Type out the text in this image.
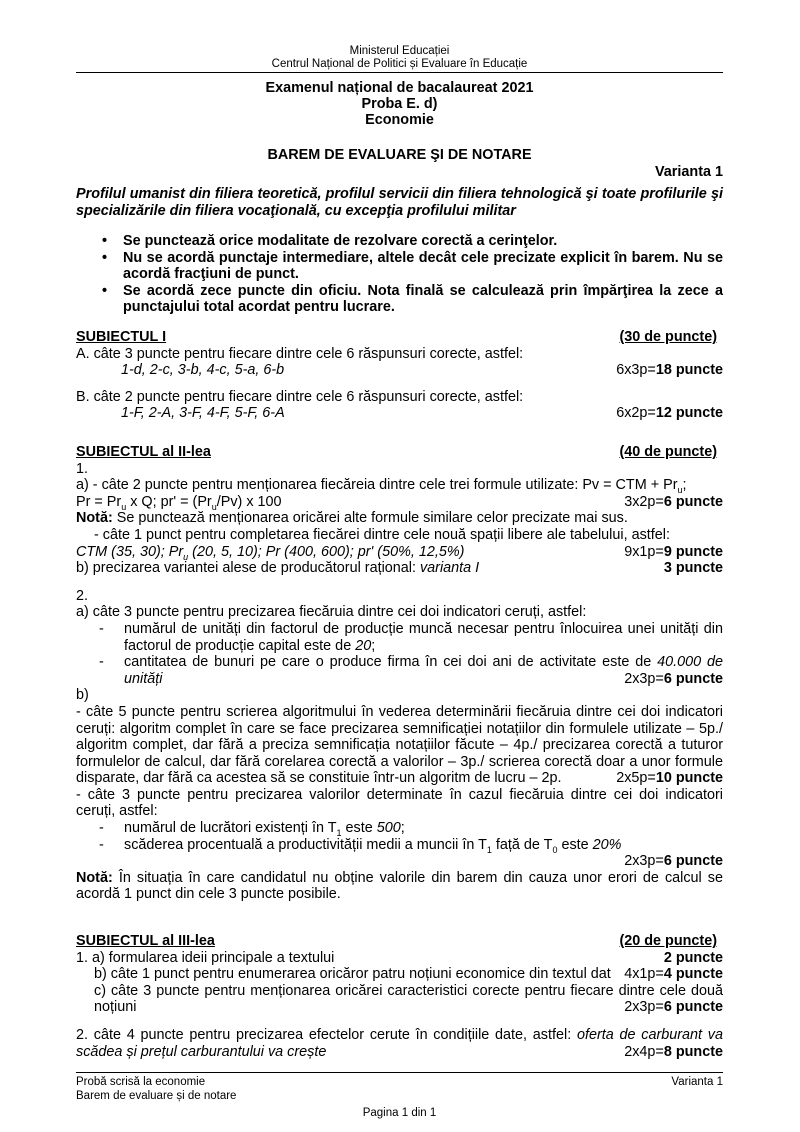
Ministerul Educației
Centrul Național de Politici și Evaluare în Educație
Examenul național de bacalaureat 2021
Proba E. d)
Economie
BAREM DE EVALUARE ŞI DE NOTARE
Varianta 1
Profilul umanist din filiera teoretică, profilul servicii din filiera tehnologică şi toate profilurile şi specializările din filiera vocaţională, cu excepţia profilului militar
• Se punctează orice modalitate de rezolvare corectă a cerinţelor.
• Nu se acordă punctaje intermediare, altele decât cele precizate explicit în barem. Nu se acordă fracţiuni de punct.
• Se acordă zece puncte din oficiu. Nota finală se calculează prin împărţirea la zece a punctajului total acordat pentru lucrare.
SUBIECTUL I	(30 de puncte)
A. câte 3 puncte pentru fiecare dintre cele 6 răspunsuri corecte, astfel:
1-d, 2-c, 3-b, 4-c, 5-a, 6-b	6x3p=18 puncte
B. câte 2 puncte pentru fiecare dintre cele 6 răspunsuri corecte, astfel:
1-F, 2-A, 3-F, 4-F, 5-F, 6-A	6x2p=12 puncte
SUBIECTUL al II-lea	(40 de puncte)
1.
a) - câte 2 puncte pentru menționarea fiecăreia dintre cele trei formule utilizate: Pv = CTM + $Pr_u$;
$Pr = Pr_u$ x Q; $pr' = (Pr_u/Pv)$ x 100	3x2p=6 puncte
Notă: Se punctează menționarea oricărei alte formule similare celor precizate mai sus.
- câte 1 punct pentru completarea fiecărei dintre cele nouă spații libere ale tabelului, astfel:
CTM (35, 30); $Pr_u$ (20, 5, 10); Pr (400, 600); pr' (50%, 12,5%)	9x1p=9 puncte
b) precizarea variantei alese de producătorul rațional: varianta I	3 puncte
2.
a) câte 3 puncte pentru precizarea fiecăruia dintre cei doi indicatori ceruți, astfel:
- numărul de unități din factorul de producție muncă necesar pentru înlocuirea unei unități din factorul de producție capital este de 20;
- cantitatea de bunuri pe care o produce firma în cei doi ani de activitate este de 40.000 de unități	2x3p=6 puncte
b)
- câte 5 puncte pentru scrierea algoritmului în vederea determinării fiecăruia dintre cei doi indicatori ceruți: algoritm complet în care se face precizarea semnificației notațiilor din formulele utilizate – 5p./ algoritm complet, dar fără a preciza semnificația notațiilor făcute – 4p./ precizarea corectă a tuturor formulelor de calcul, dar fără corelarea corectă a valorilor – 3p./ scrierea corectă doar a unor formule disparate, dar fără ca acestea să se constituie într-un algoritm de lucru – 2p.	2x5p=10 puncte
- câte 3 puncte pentru precizarea valorilor determinate în cazul fiecăruia dintre cei doi indicatori ceruți, astfel:
- numărul de lucrători existenți în $T_1$ este 500;
- scăderea procentuală a productivității medii a muncii în $T_1$ față de $T_0$ este 20%
2x3p=6 puncte
Notă: În situația în care candidatul nu obține valorile din barem din cauza unor erori de calcul se acordă 1 punct din cele 3 puncte posibile.
SUBIECTUL al III-lea	(20 de puncte)
1. a) formularea ideii principale a textului	2 puncte
b) câte 1 punct pentru enumerarea oricăror patru noțiuni economice din textul dat 4x1p=4 puncte
c) câte 3 puncte pentru menționarea oricărei caracteristici corecte pentru fiecare dintre cele două noțiuni	2x3p=6 puncte
2. câte 4 puncte pentru precizarea efectelor cerute în condițiile date, astfel: oferta de carburant va scădea și prețul carburantului va crește	2x4p=8 puncte
Probă scrisă la economie	Varianta 1
Barem de evaluare și de notare
Pagina 1 din 1
